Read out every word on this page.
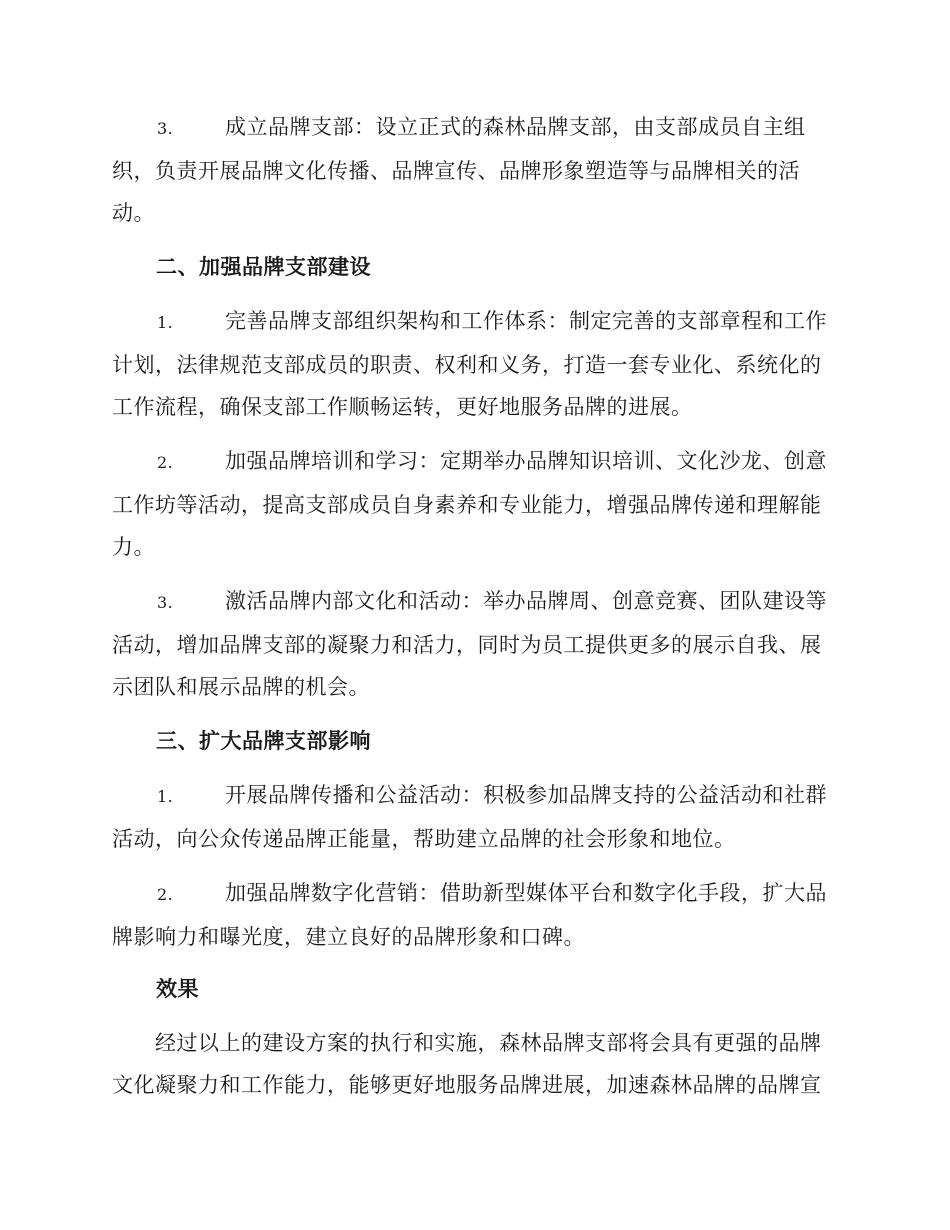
3. 成立品牌支部：设立正式的森林品牌支部，由支部成员自主组
织，负责开展品牌文化传播、品牌宣传、品牌形象塑造等与品牌相关的活
动。
二、加强品牌支部建设
1. 完善品牌支部组织架构和工作体系：制定完善的支部章程和工作
计划，法律规范支部成员的职责、权利和义务，打造一套专业化、系统化的
工作流程，确保支部工作顺畅运转，更好地服务品牌的进展。
2. 加强品牌培训和学习：定期举办品牌知识培训、文化沙龙、创意
工作坊等活动，提高支部成员自身素养和专业能力，增强品牌传递和理解能
力。
3. 激活品牌内部文化和活动：举办品牌周、创意竞赛、团队建设等
活动，增加品牌支部的凝聚力和活力，同时为员工提供更多的展示自我、展
示团队和展示品牌的机会。
三、扩大品牌支部影响
1. 开展品牌传播和公益活动：积极参加品牌支持的公益活动和社群
活动，向公众传递品牌正能量，帮助建立品牌的社会形象和地位。
2. 加强品牌数字化营销：借助新型媒体平台和数字化手段，扩大品
牌影响力和曝光度，建立良好的品牌形象和口碑。
效果
经过以上的建设方案的执行和实施，森林品牌支部将会具有更强的品牌
文化凝聚力和工作能力，能够更好地服务品牌进展，加速森林品牌的品牌宣
